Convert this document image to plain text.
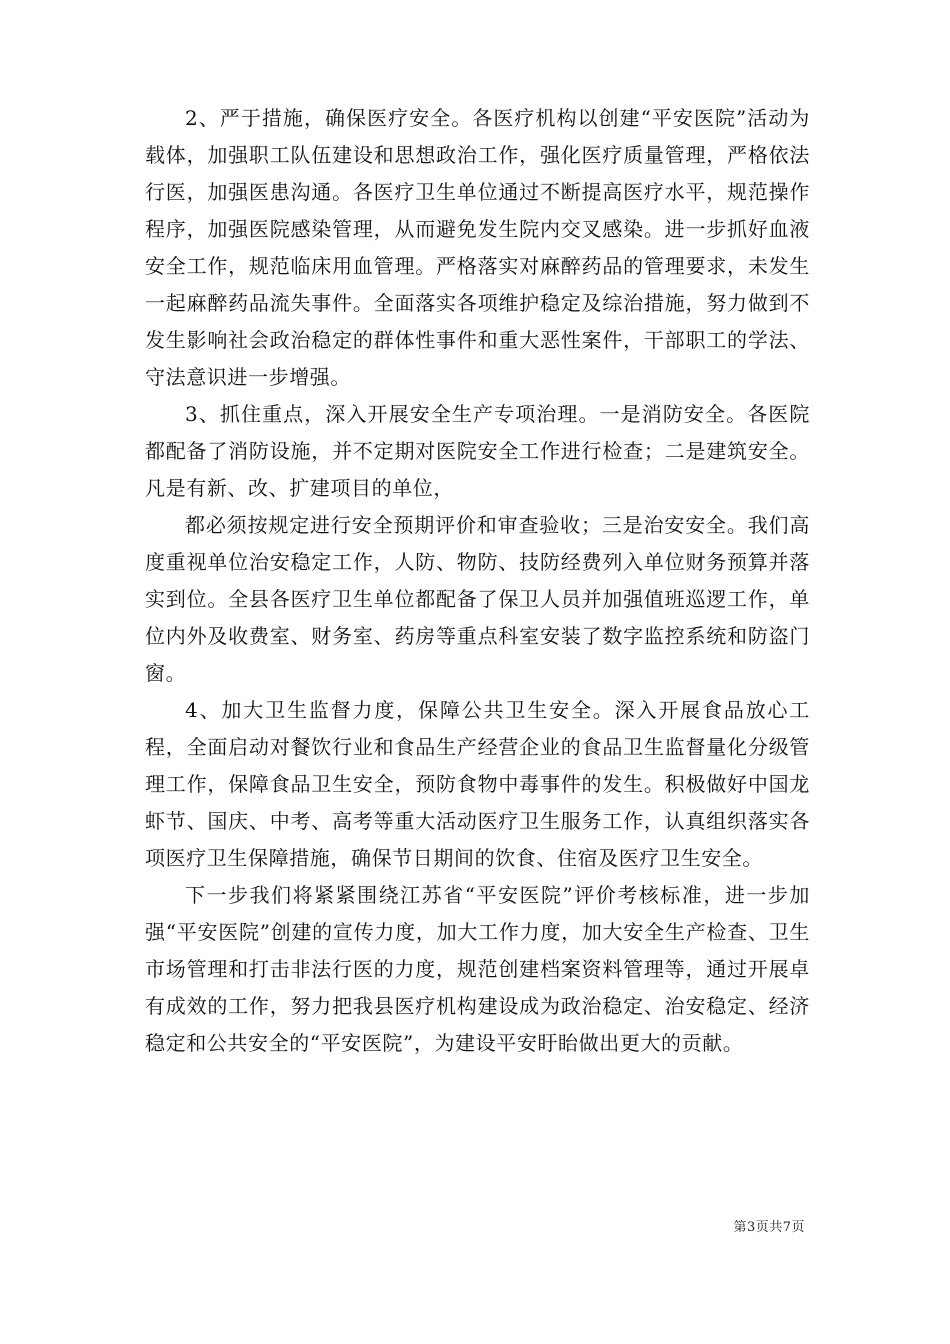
2、严于措施，确保医疗安全。各医疗机构以创建“平安医院”活动为载体，加强职工队伍建设和思想政治工作，强化医疗质量管理，严格依法行医，加强医患沟通。各医疗卫生单位通过不断提高医疗水平，规范操作程序，加强医院感染管理，从而避免发生院内交叉感染。进一步抓好血液安全工作，规范临床用血管理。严格落实对麻醉药品的管理要求，未发生一起麻醉药品流失事件。全面落实各项维护稳定及综治措施，努力做到不发生影响社会政治稳定的群体性事件和重大恶性案件，干部职工的学法、守法意识进一步增强。

3、抓住重点，深入开展安全生产专项治理。一是消防安全。各医院都配备了消防设施，并不定期对医院安全工作进行检查；二是建筑安全。凡是有新、改、扩建项目的单位，

都必须按规定进行安全预期评价和审查验收；三是治安安全。我们高度重视单位治安稳定工作，人防、物防、技防经费列入单位财务预算并落实到位。全县各医疗卫生单位都配备了保卫人员并加强值班巡逻工作，单位内外及收费室、财务室、药房等重点科室安装了数字监控系统和防盗门窗。

4、加大卫生监督力度，保障公共卫生安全。深入开展食品放心工程，全面启动对餐饮行业和食品生产经营企业的食品卫生监督量化分级管理工作，保障食品卫生安全，预防食物中毒事件的发生。积极做好中国龙虾节、国庆、中考、高考等重大活动医疗卫生服务工作，认真组织落实各项医疗卫生保障措施，确保节日期间的饮食、住宿及医疗卫生安全。

下一步我们将紧紧围绕江苏省“平安医院”评价考核标准，进一步加强“平安医院”创建的宣传力度，加大工作力度，加大安全生产检查、卫生市场管理和打击非法行医的力度，规范创建档案资料管理等，通过开展卓有成效的工作，努力把我县医疗机构建设成为政治稳定、治安稳定、经济稳定和公共安全的“平安医院”，为建设平安盱眙做出更大的贡献。

第3页共7页
